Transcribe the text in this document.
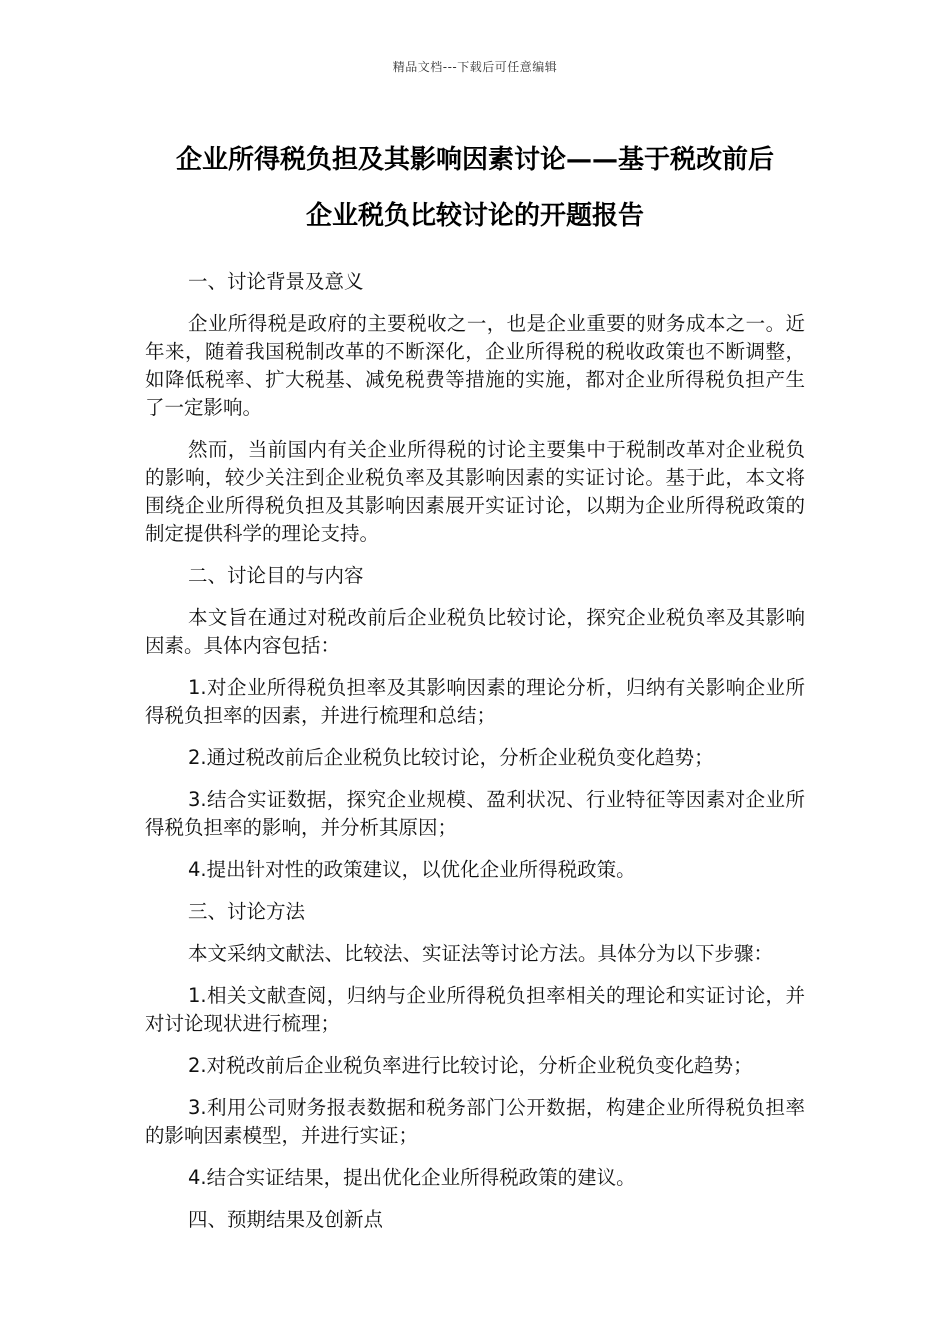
精品文档---下载后可任意编辑
企业所得税负担及其影响因素讨论——基于税改前后
企业税负比较讨论的开题报告

一、讨论背景及意义

企业所得税是政府的主要税收之一，也是企业重要的财务成本之一。近年来，随着我国税制改革的不断深化，企业所得税的税收政策也不断调整，如降低税率、扩大税基、减免税费等措施的实施，都对企业所得税负担产生了一定影响。

然而，当前国内有关企业所得税的讨论主要集中于税制改革对企业税负的影响，较少关注到企业税负率及其影响因素的实证讨论。基于此，本文将围绕企业所得税负担及其影响因素展开实证讨论，以期为企业所得税政策的制定提供科学的理论支持。

二、讨论目的与内容

本文旨在通过对税改前后企业税负比较讨论，探究企业税负率及其影响因素。具体内容包括：

1.对企业所得税负担率及其影响因素的理论分析，归纳有关影响企业所得税负担率的因素，并进行梳理和总结；

2.通过税改前后企业税负比较讨论，分析企业税负变化趋势；

3.结合实证数据，探究企业规模、盈利状况、行业特征等因素对企业所得税负担率的影响，并分析其原因；

4.提出针对性的政策建议，以优化企业所得税政策。

三、讨论方法

本文采纳文献法、比较法、实证法等讨论方法。具体分为以下步骤：

1.相关文献查阅，归纳与企业所得税负担率相关的理论和实证讨论，并对讨论现状进行梳理；

2.对税改前后企业税负率进行比较讨论，分析企业税负变化趋势；

3.利用公司财务报表数据和税务部门公开数据，构建企业所得税负担率的影响因素模型，并进行实证；

4.结合实证结果，提出优化企业所得税政策的建议。

四、预期结果及创新点
